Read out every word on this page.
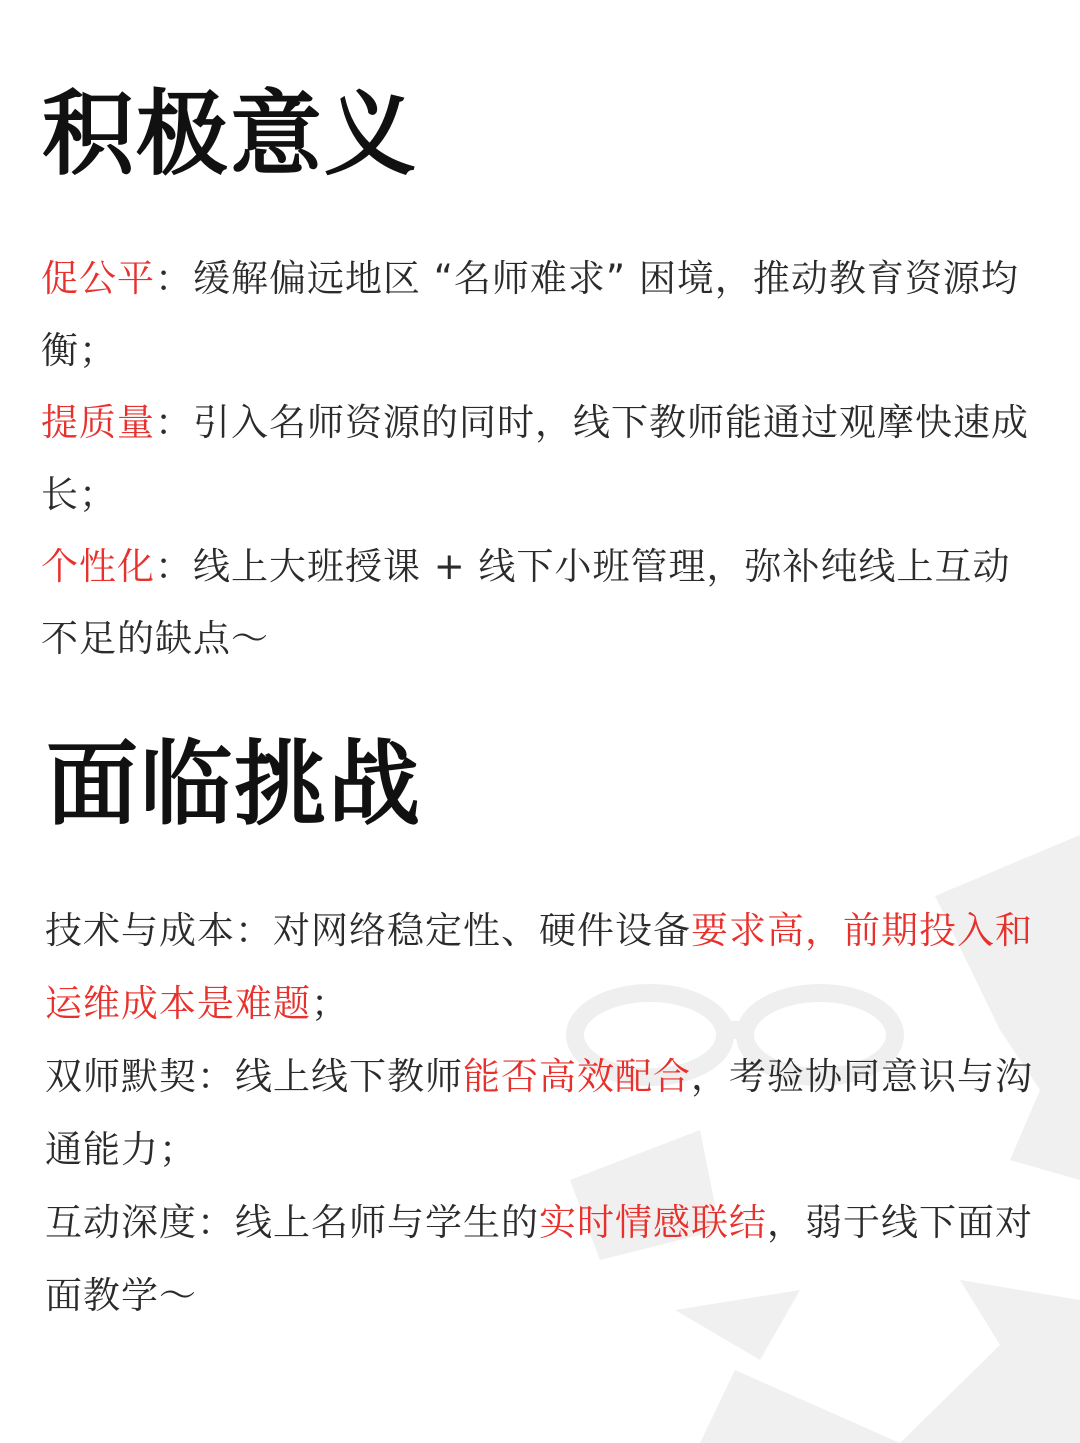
积极意义

促公平：缓解偏远地区 “名师难求” 困境，推动教育资源均衡；

提质量：引入名师资源的同时，线下教师能通过观摩快速成长；

个性化：线上大班授课 + 线下小班管理，弥补纯线上互动不足的缺点～

面临挑战

技术与成本：对网络稳定性、硬件设备要求高，前期投入和运维成本是难题；

双师默契：线上线下教师能否高效配合，考验协同意识与沟通能力；

互动深度：线上名师与学生的实时情感联结，弱于线下面对面教学～
